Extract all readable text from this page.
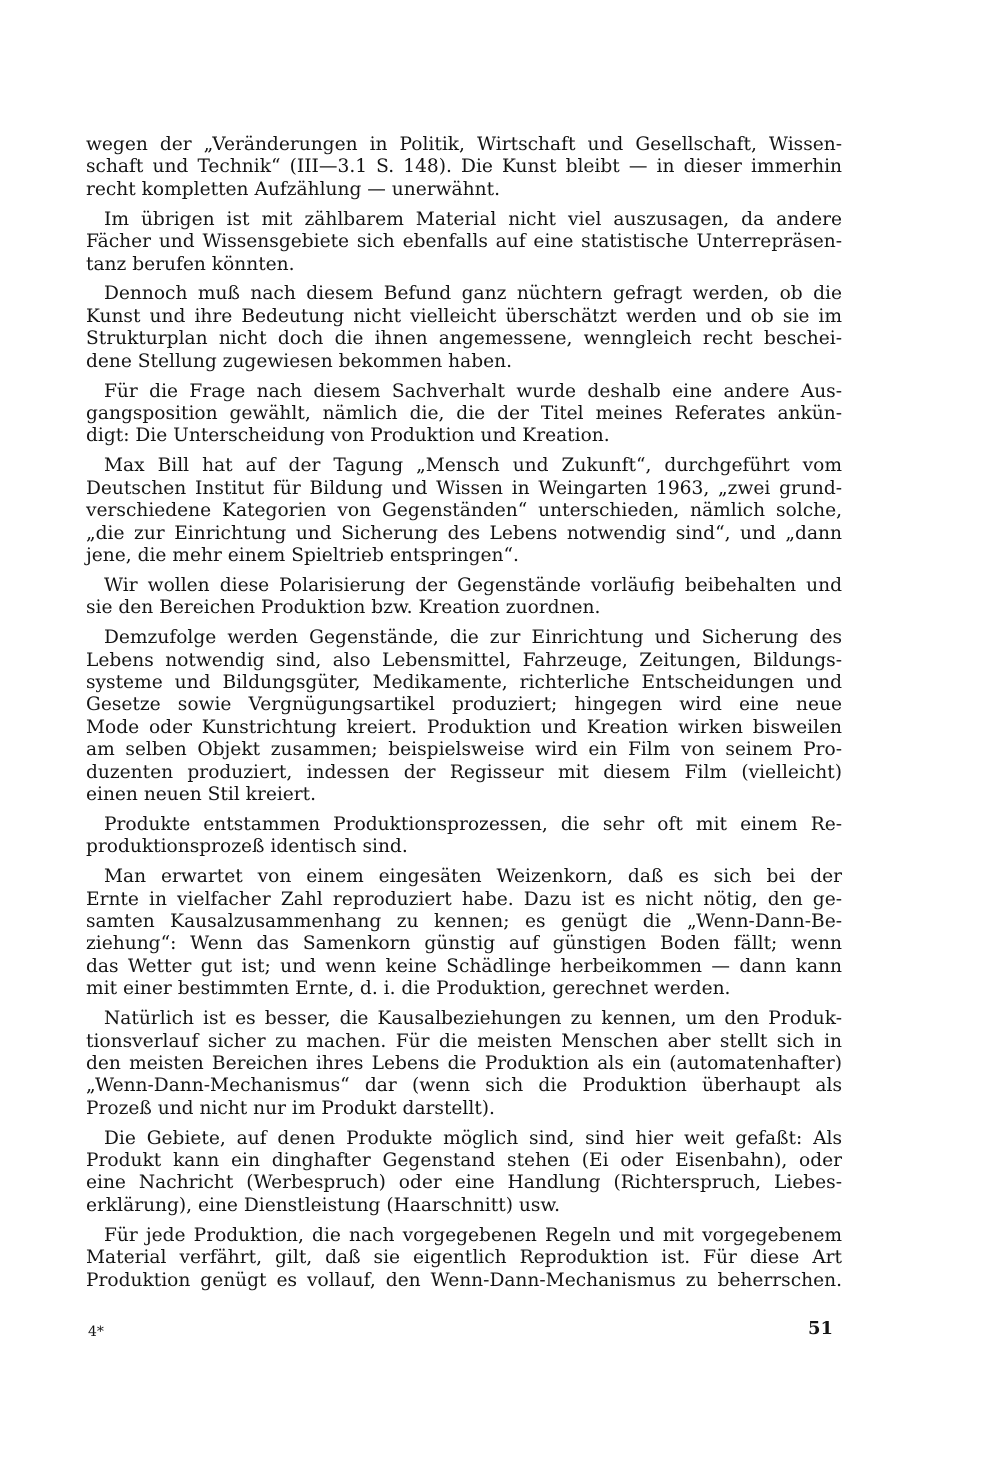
wegen der „Veränderungen in Politik, Wirtschaft und Gesellschaft, Wissen-
schaft und Technik“ (III—3.1 S. 148). Die Kunst bleibt — in dieser immerhin
recht kompletten Aufzählung — unerwähnt.

Im übrigen ist mit zählbarem Material nicht viel auszusagen, da andere
Fächer und Wissensgebiete sich ebenfalls auf eine statistische Unterrepräsen-
tanz berufen könnten.

Dennoch muß nach diesem Befund ganz nüchtern gefragt werden, ob die
Kunst und ihre Bedeutung nicht vielleicht überschätzt werden und ob sie im
Strukturplan nicht doch die ihnen angemessene, wenngleich recht beschei-
dene Stellung zugewiesen bekommen haben.

Für die Frage nach diesem Sachverhalt wurde deshalb eine andere Aus-
gangsposition gewählt, nämlich die, die der Titel meines Referates ankün-
digt: Die Unterscheidung von Produktion und Kreation.

Max Bill hat auf der Tagung „Mensch und Zukunft“, durchgeführt vom
Deutschen Institut für Bildung und Wissen in Weingarten 1963, „zwei grund-
verschiedene Kategorien von Gegenständen“ unterschieden, nämlich solche,
„die zur Einrichtung und Sicherung des Lebens notwendig sind“, und „dann
jene, die mehr einem Spieltrieb entspringen“.

Wir wollen diese Polarisierung der Gegenstände vorläufig beibehalten und
sie den Bereichen Produktion bzw. Kreation zuordnen.

Demzufolge werden Gegenstände, die zur Einrichtung und Sicherung des
Lebens notwendig sind, also Lebensmittel, Fahrzeuge, Zeitungen, Bildungs-
systeme und Bildungsgüter, Medikamente, richterliche Entscheidungen und
Gesetze sowie Vergnügungsartikel produziert; hingegen wird eine neue
Mode oder Kunstrichtung kreiert. Produktion und Kreation wirken bisweilen
am selben Objekt zusammen; beispielsweise wird ein Film von seinem Pro-
duzenten produziert, indessen der Regisseur mit diesem Film (vielleicht)
einen neuen Stil kreiert.

Produkte entstammen Produktionsprozessen, die sehr oft mit einem Re-
produktionsprozeß identisch sind.

Man erwartet von einem eingesäten Weizenkorn, daß es sich bei der
Ernte in vielfacher Zahl reproduziert habe. Dazu ist es nicht nötig, den ge-
samten Kausalzusammenhang zu kennen; es genügt die „Wenn-Dann-Be-
ziehung“: Wenn das Samenkorn günstig auf günstigen Boden fällt; wenn
das Wetter gut ist; und wenn keine Schädlinge herbeikommen — dann kann
mit einer bestimmten Ernte, d. i. die Produktion, gerechnet werden.

Natürlich ist es besser, die Kausalbeziehungen zu kennen, um den Produk-
tionsverlauf sicher zu machen. Für die meisten Menschen aber stellt sich in
den meisten Bereichen ihres Lebens die Produktion als ein (automatenhafter)
„Wenn-Dann-Mechanismus“ dar (wenn sich die Produktion überhaupt als
Prozeß und nicht nur im Produkt darstellt).

Die Gebiete, auf denen Produkte möglich sind, sind hier weit gefaßt: Als
Produkt kann ein dinghafter Gegenstand stehen (Ei oder Eisenbahn), oder
eine Nachricht (Werbespruch) oder eine Handlung (Richterspruch, Liebes-
erklärung), eine Dienstleistung (Haarschnitt) usw.

Für jede Produktion, die nach vorgegebenen Regeln und mit vorgegebenem
Material verfährt, gilt, daß sie eigentlich Reproduktion ist. Für diese Art
Produktion genügt es vollauf, den Wenn-Dann-Mechanismus zu beherrschen.

4*	51
